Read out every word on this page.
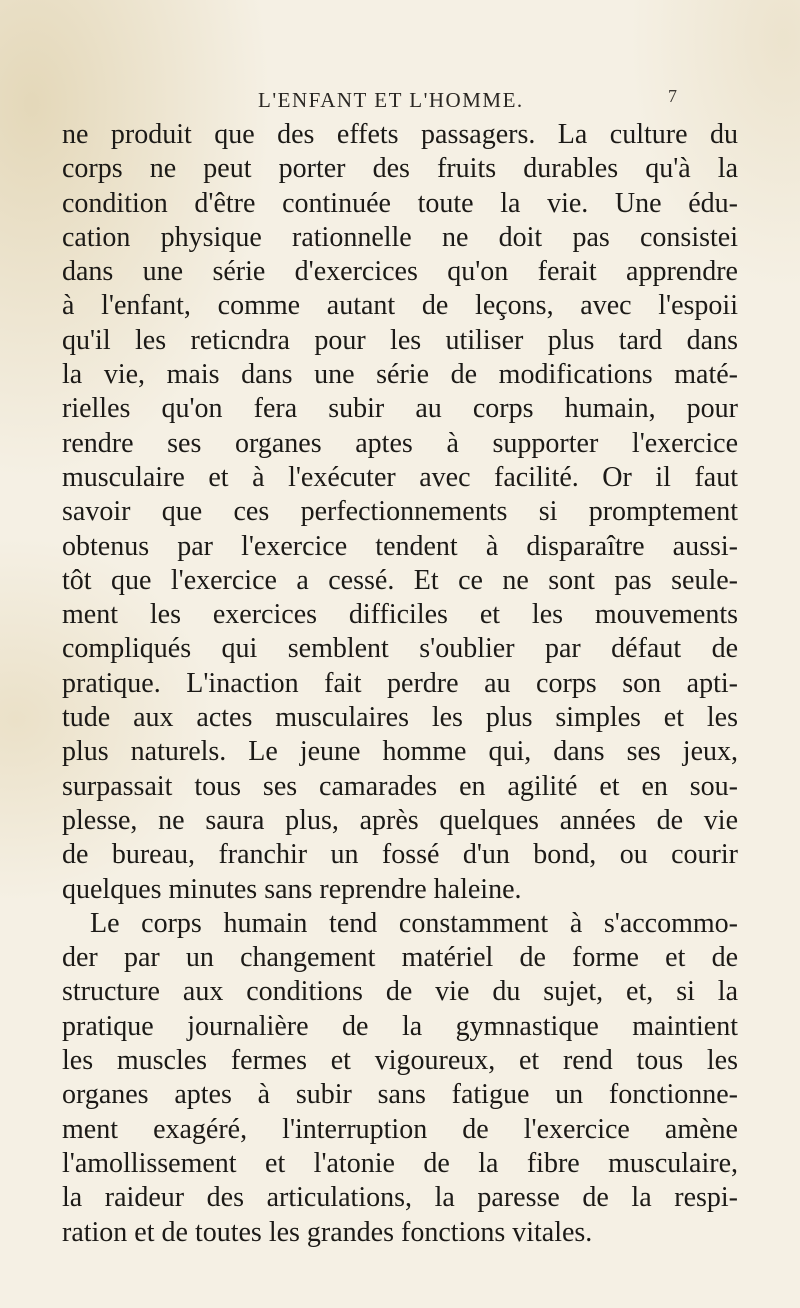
L'ENFANT ET L'HOMME.	7
ne produit que des effets passagers. La culture du
corps ne peut porter des fruits durables qu'à la
condition d'être continuée toute la vie. Une édu-
cation physique rationnelle ne doit pas consistei
dans une série d'exercices qu'on ferait apprendre
à l'enfant, comme autant de leçons, avec l'espoii
qu'il les reticndra pour les utiliser plus tard dans
la vie, mais dans une série de modifications maté-
rielles qu'on fera subir au corps humain, pour
rendre ses organes aptes à supporter l'exercice
musculaire et à l'exécuter avec facilité. Or il faut
savoir que ces perfectionnements si promptement
obtenus par l'exercice tendent à disparaître aussi-
tôt que l'exercice a cessé. Et ce ne sont pas seule-
ment les exercices difficiles et les mouvements
compliqués qui semblent s'oublier par défaut de
pratique. L'inaction fait perdre au corps son apti-
tude aux actes musculaires les plus simples et les
plus naturels. Le jeune homme qui, dans ses jeux,
surpassait tous ses camarades en agilité et en sou-
plesse, ne saura plus, après quelques années de vie
de bureau, franchir un fossé d'un bond, ou courir
quelques minutes sans reprendre haleine.
Le corps humain tend constamment à s'accommo-
der par un changement matériel de forme et de
structure aux conditions de vie du sujet, et, si la
pratique journalière de la gymnastique maintient
les muscles fermes et vigoureux, et rend tous les
organes aptes à subir sans fatigue un fonctionne-
ment exagéré, l'interruption de l'exercice amène
l'amollissement et l'atonie de la fibre musculaire,
la raideur des articulations, la paresse de la respi-
ration et de toutes les grandes fonctions vitales.
